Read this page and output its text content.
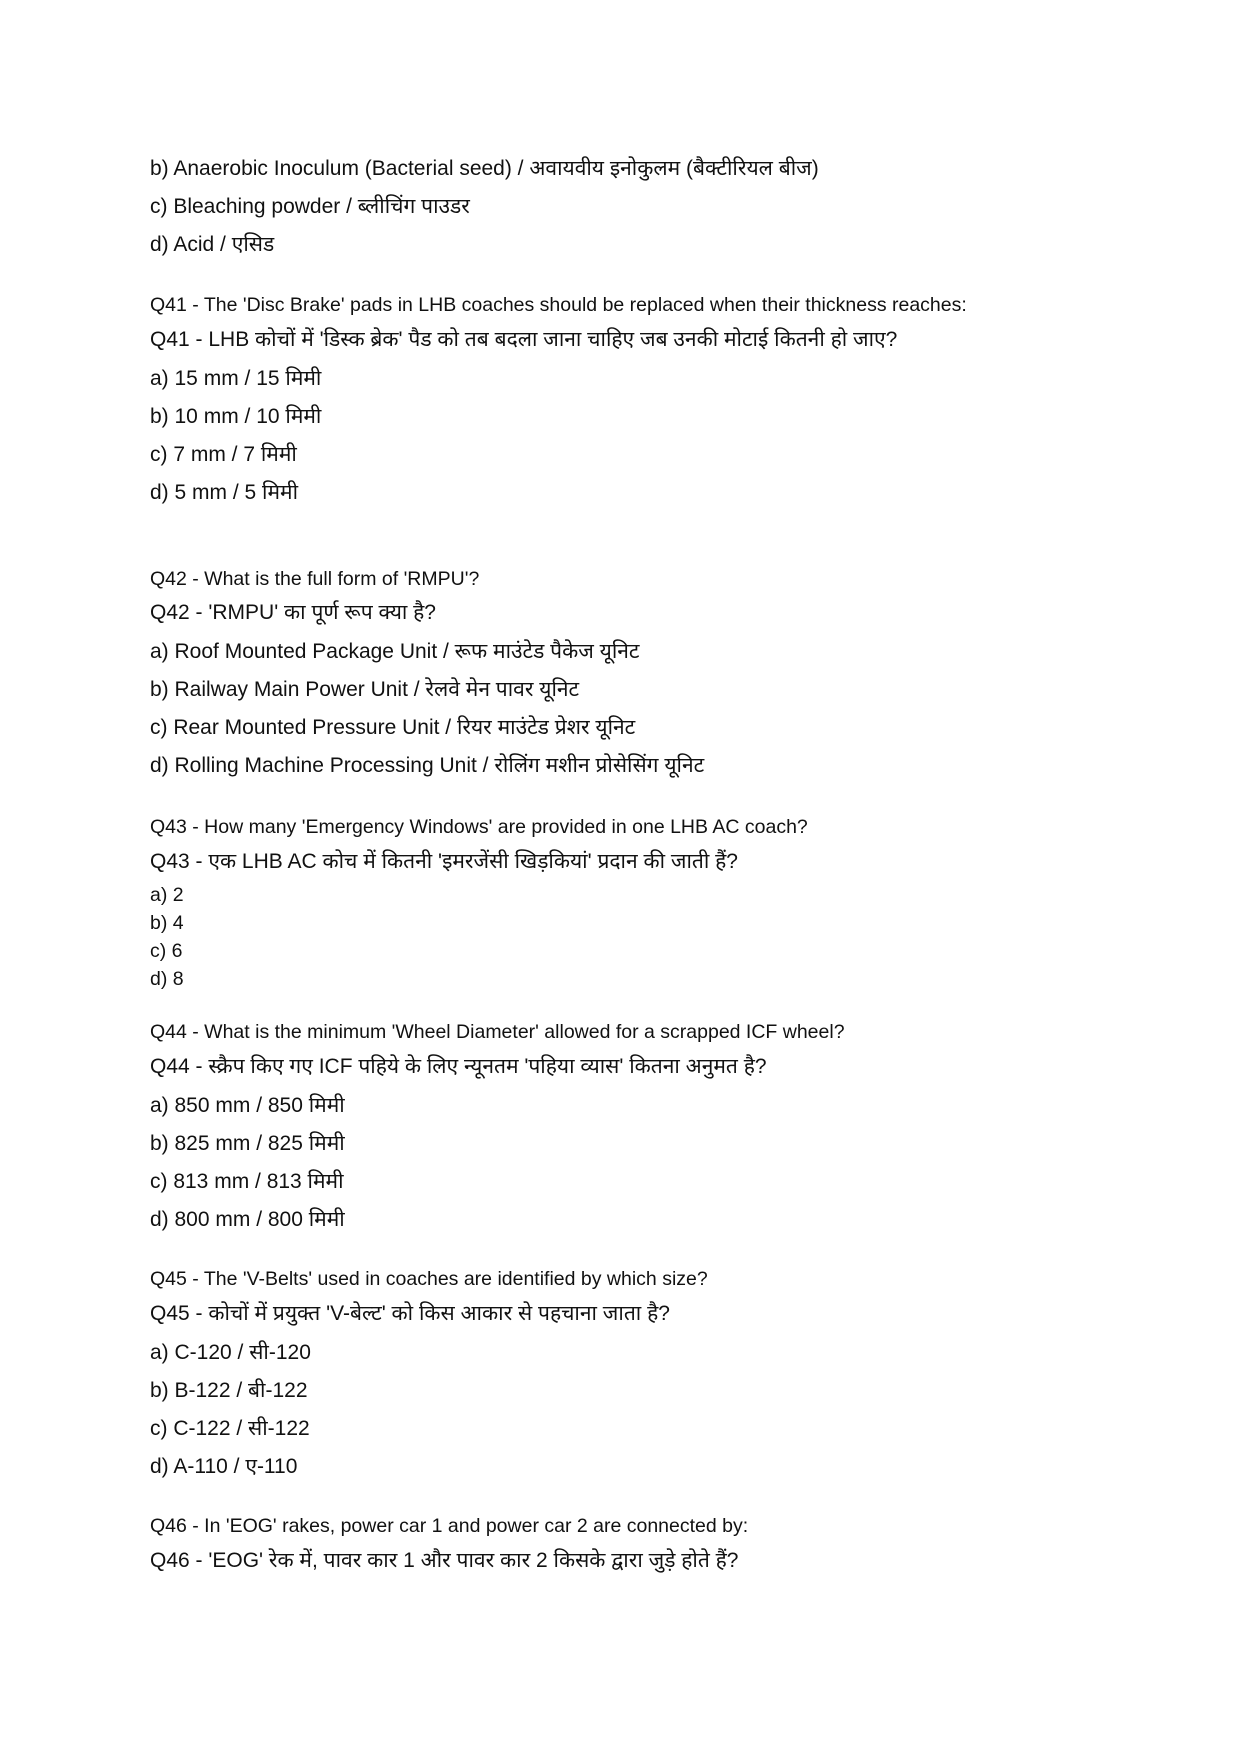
b) Anaerobic Inoculum (Bacterial seed) / अवायवीय इनोकुलम (बैक्टीरियल बीज)
c) Bleaching powder / ब्लीचिंग पाउडर
d) Acid / एसिड
Q41 - The 'Disc Brake' pads in LHB coaches should be replaced when their thickness reaches:
Q41 - LHB कोचों में 'डिस्क ब्रेक' पैड को तब बदला जाना चाहिए जब उनकी मोटाई कितनी हो जाए?
a) 15 mm / 15 मिमी
b) 10 mm / 10 मिमी
c) 7 mm / 7 मिमी
d) 5 mm / 5 मिमी
Q42 - What is the full form of 'RMPU'?
Q42 - 'RMPU' का पूर्ण रूप क्या है?
a) Roof Mounted Package Unit / रूफ माउंटेड पैकेज यूनिट
b) Railway Main Power Unit / रेलवे मेन पावर यूनिट
c) Rear Mounted Pressure Unit / रियर माउंटेड प्रेशर यूनिट
d) Rolling Machine Processing Unit / रोलिंग मशीन प्रोसेसिंग यूनिट
Q43 - How many 'Emergency Windows' are provided in one LHB AC coach?
Q43 - एक LHB AC कोच में कितनी 'इमरजेंसी खिड़कियां' प्रदान की जाती हैं?
a) 2
b) 4
c) 6
d) 8
Q44 - What is the minimum 'Wheel Diameter' allowed for a scrapped ICF wheel?
Q44 - स्क्रैप किए गए ICF पहिये के लिए न्यूनतम 'पहिया व्यास' कितना अनुमत है?
a) 850 mm / 850 मिमी
b) 825 mm / 825 मिमी
c) 813 mm / 813 मिमी
d) 800 mm / 800 मिमी
Q45 - The 'V-Belts' used in coaches are identified by which size?
Q45 - कोचों में प्रयुक्त 'V-बेल्ट' को किस आकार से पहचाना जाता है?
a) C-120 / सी-120
b) B-122 / बी-122
c) C-122 / सी-122
d) A-110 / ए-110
Q46 - In 'EOG' rakes, power car 1 and power car 2 are connected by:
Q46 - 'EOG' रेक में, पावर कार 1 और पावर कार 2 किसके द्वारा जुड़े होते हैं?
